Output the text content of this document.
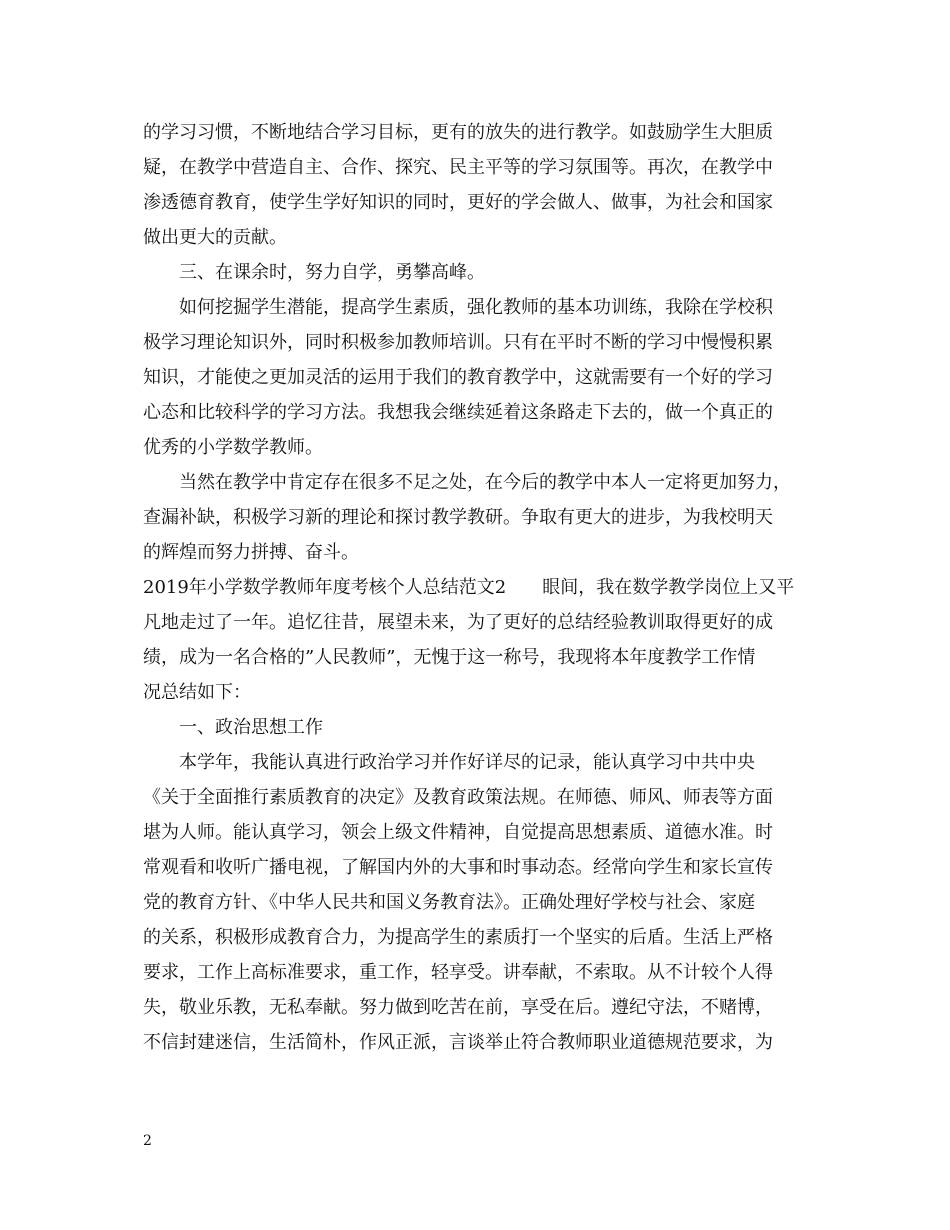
的学习习惯，不断地结合学习目标，更有的放失的进行教学。如鼓励学生大胆质
疑，在教学中营造自主、合作、探究、民主平等的学习氛围等。再次，在教学中
渗透德育教育，使学生学好知识的同时，更好的学会做人、做事，为社会和国家
做出更大的贡献。
　　三、在课余时，努力自学，勇攀高峰。
　　如何挖掘学生潜能，提高学生素质，强化教师的基本功训练，我除在学校积
极学习理论知识外，同时积极参加教师培训。只有在平时不断的学习中慢慢积累
知识，才能使之更加灵活的运用于我们的教育教学中，这就需要有一个好的学习
心态和比较科学的学习方法。我想我会继续延着这条路走下去的，做一个真正的
优秀的小学数学教师。
　　当然在教学中肯定存在很多不足之处，在今后的教学中本人一定将更加努力，
查漏补缺，积极学习新的理论和探讨教学教研。争取有更大的进步，为我校明天
的辉煌而努力拼搏、奋斗。
2019年小学数学教师年度考核个人总结范文2　　眼间，我在数学教学岗位上又平
凡地走过了一年。追忆往昔，展望未来，为了更好的总结经验教训取得更好的成
绩，成为一名合格的”人民教师”，无愧于这一称号，我现将本年度教学工作情
况总结如下：
　　一、政治思想工作
　　本学年，我能认真进行政治学习并作好详尽的记录，能认真学习中共中央
《关于全面推行素质教育的决定》及教育政策法规。在师德、师风、师表等方面
堪为人师。能认真学习，领会上级文件精神，自觉提高思想素质、道德水准。时
常观看和收听广播电视，了解国内外的大事和时事动态。经常向学生和家长宣传
党的教育方针、《中华人民共和国义务教育法》。正确处理好学校与社会、家庭
的关系，积极形成教育合力，为提高学生的素质打一个坚实的后盾。生活上严格
要求，工作上高标准要求，重工作，轻享受。讲奉献，不索取。从不计较个人得
失，敬业乐教，无私奉献。努力做到吃苦在前，享受在后。遵纪守法，不赌博，
不信封建迷信，生活简朴，作风正派，言谈举止符合教师职业道德规范要求，为
2
